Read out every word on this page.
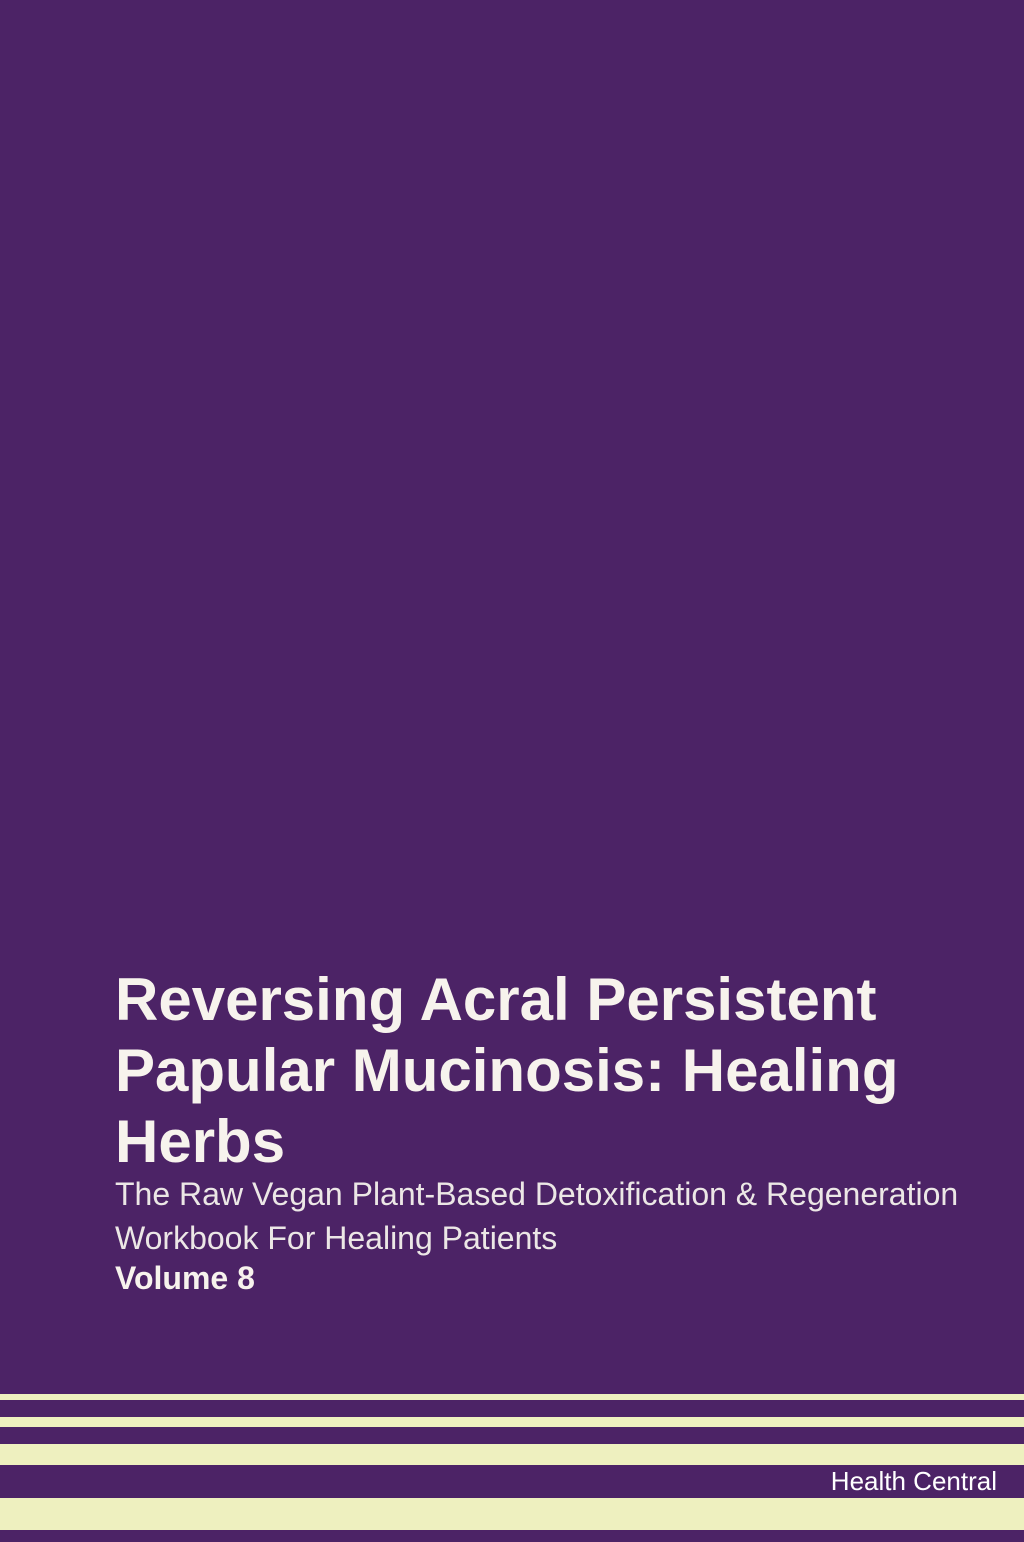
Reversing Acral Persistent
Papular Mucinosis: Healing
Herbs
The Raw Vegan Plant-Based Detoxification & Regeneration
Workbook For Healing Patients
Volume 8
Health Central
